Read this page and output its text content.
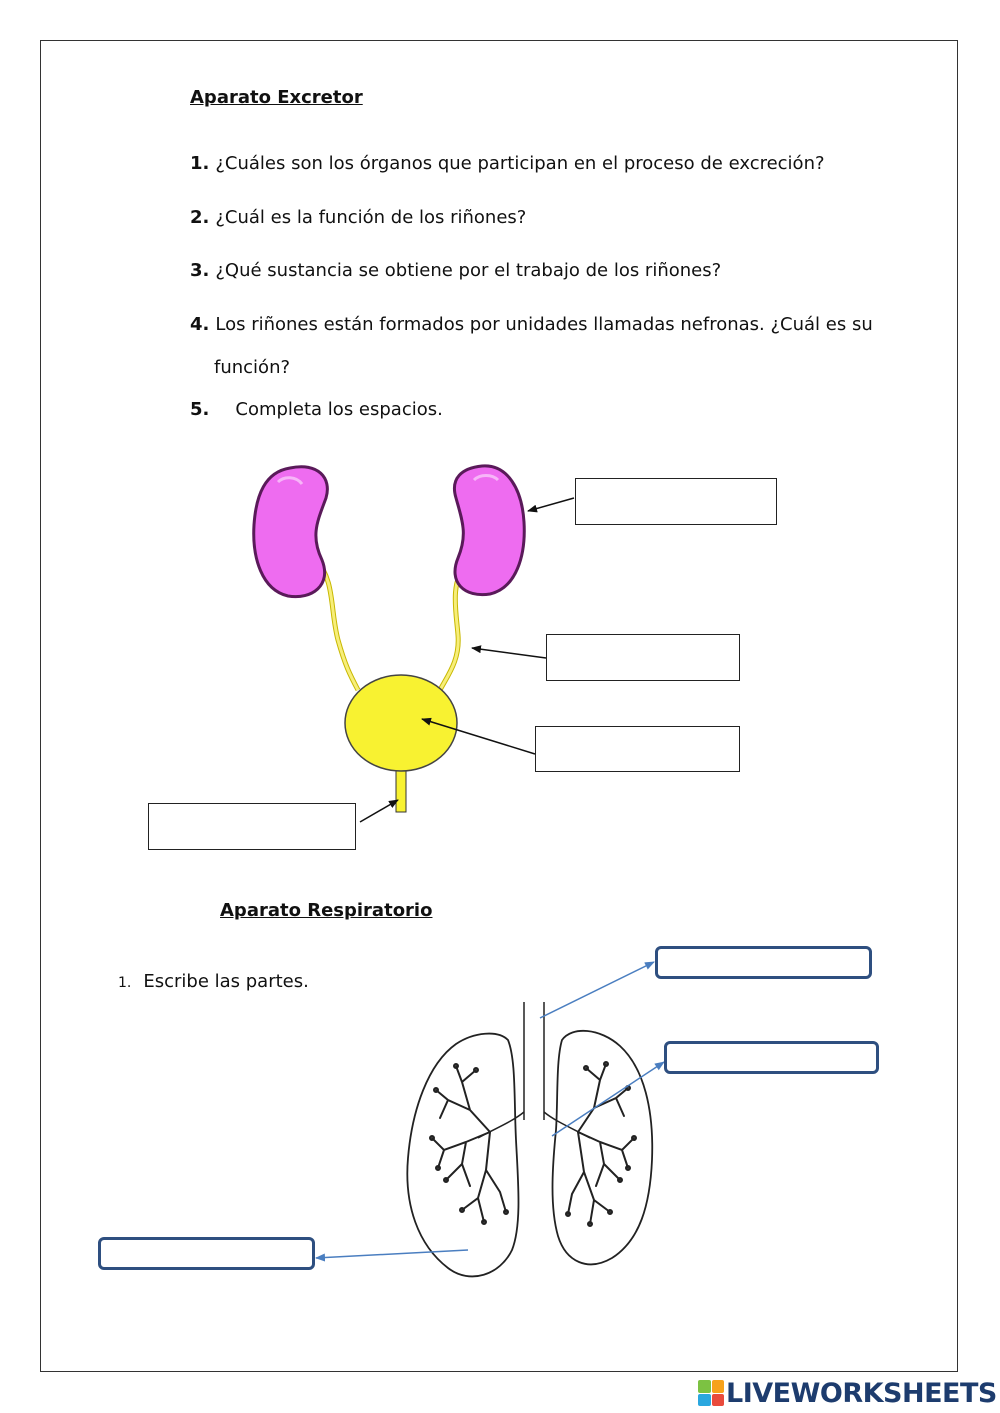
Aparato Excretor
1. ¿Cuáles son los órganos que participan en el proceso de excreción?
2. ¿Cuál es la función de los riñones?
3. ¿Qué sustancia se obtiene por el trabajo de los riñones?
4. Los riñones están formados por unidades llamadas nefronas. ¿Cuál es su
función?
5. Completa los espacios.
Aparato Respiratorio
1. Escribe las partes.
LIVEWORKSHEETS
